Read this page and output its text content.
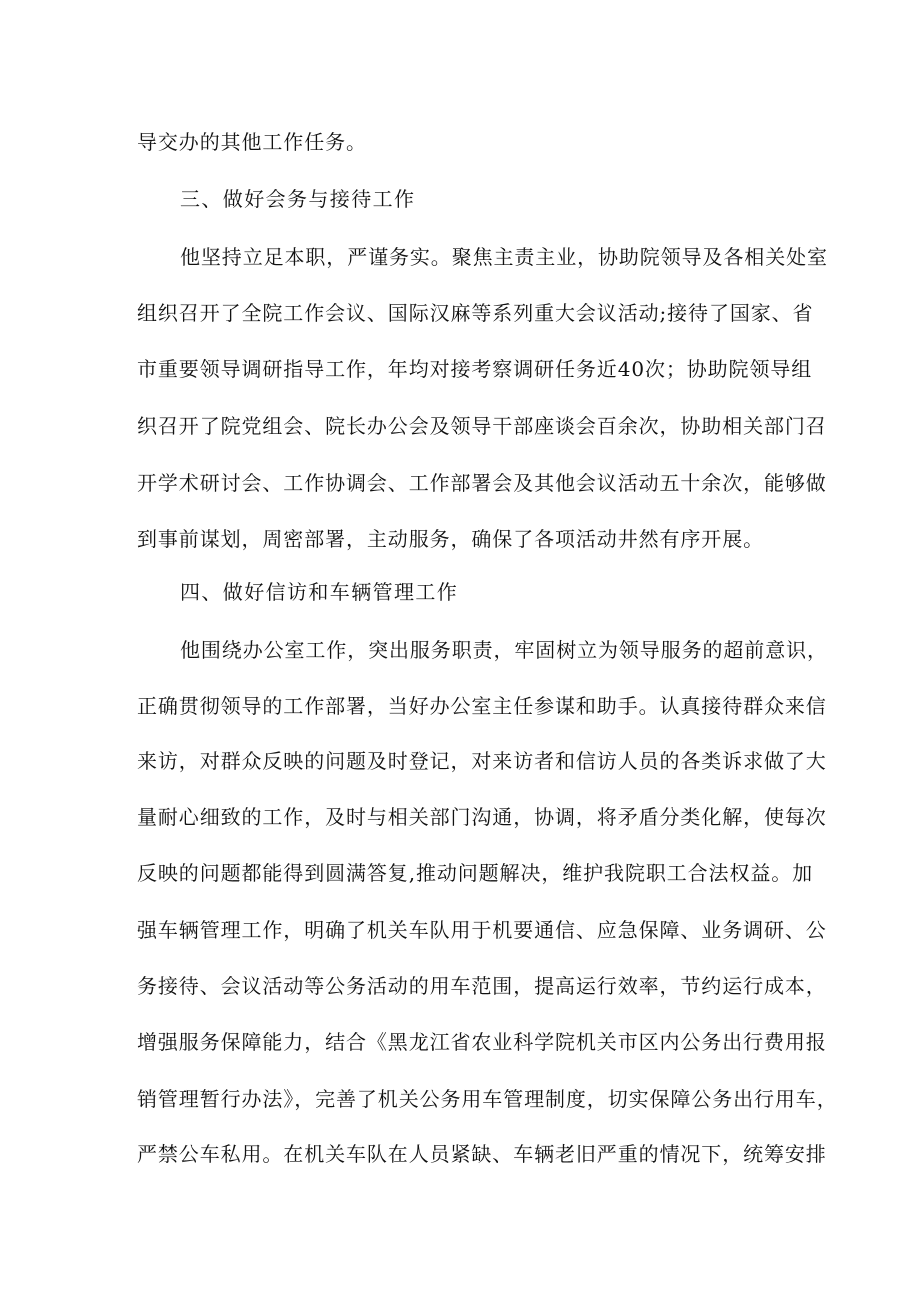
导交办的其他工作任务。
三、做好会务与接待工作
他坚持立足本职，严谨务实。聚焦主责主业，协助院领导及各相关处室
组织召开了全院工作会议、国际汉麻等系列重大会议活动;接待了国家、省
市重要领导调研指导工作，年均对接考察调研任务近40次；协助院领导组
织召开了院党组会、院长办公会及领导干部座谈会百余次，协助相关部门召
开学术研讨会、工作协调会、工作部署会及其他会议活动五十余次，能够做
到事前谋划，周密部署，主动服务，确保了各项活动井然有序开展。
四、做好信访和车辆管理工作
他围绕办公室工作，突出服务职责，牢固树立为领导服务的超前意识，
正确贯彻领导的工作部署，当好办公室主任参谋和助手。认真接待群众来信
来访，对群众反映的问题及时登记，对来访者和信访人员的各类诉求做了大
量耐心细致的工作，及时与相关部门沟通，协调，将矛盾分类化解，使每次
反映的问题都能得到圆满答复,推动问题解决，维护我院职工合法权益。加
强车辆管理工作，明确了机关车队用于机要通信、应急保障、业务调研、公
务接待、会议活动等公务活动的用车范围，提高运行效率，节约运行成本，
增强服务保障能力，结合《黑龙江省农业科学院机关市区内公务出行费用报
销管理暂行办法》，完善了机关公务用车管理制度，切实保障公务出行用车，
严禁公车私用。在机关车队在人员紧缺、车辆老旧严重的情况下，统筹安排
